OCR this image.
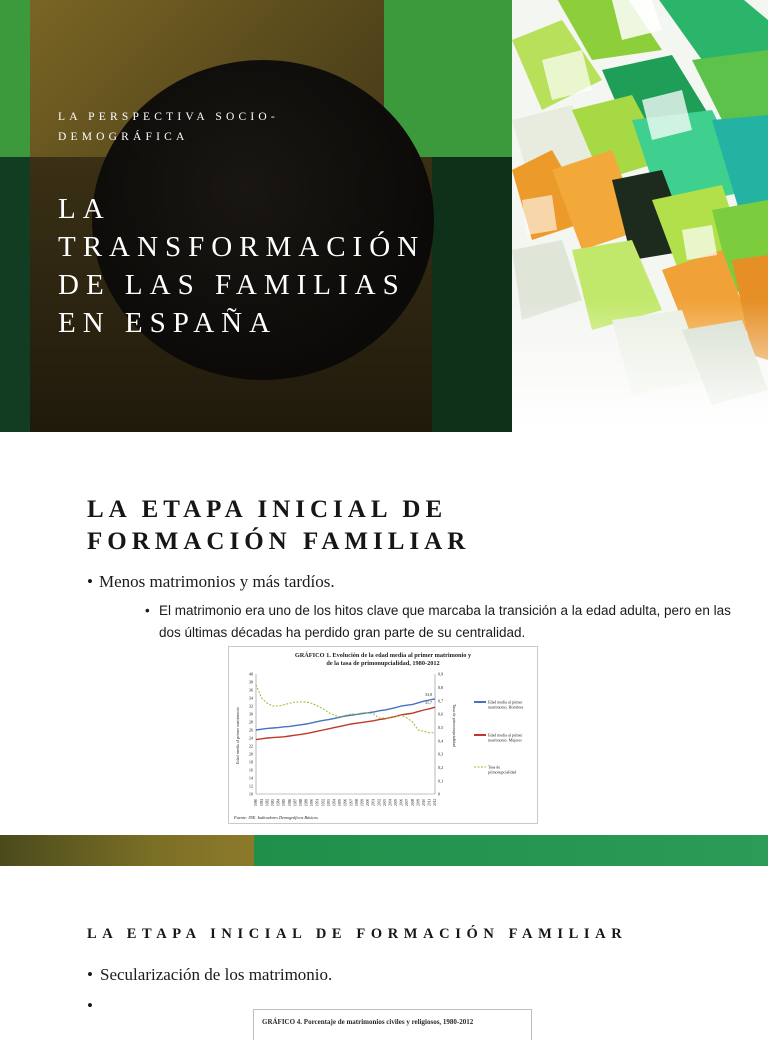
LA PERSPECTIVA SOCIO-DEMOGRÁFICA
LA
TRANSFORMACIÓN
DE LAS FAMILIAS
EN ESPAÑA
LA ETAPA INICIAL DE
FORMACIÓN FAMILIAR
• Menos matrimonios y más tardíos.
• El matrimonio era uno de los hitos clave que marcaba la transición a la edad adulta, pero en las dos últimas décadas ha perdido gran parte de su centralidad.
GRÁFICO 1. Evolución de la edad media al primer matrimonio y
de la tasa de primonupcialidad, 1980-2012
10
12
14
16
18
20
22
24
26
28
30
32
34
36
38
40
0
0,1
0,2
0,3
0,4
0,5
0,6
0,7
0,8
0,9
1980 1981 1982 1983 1984 1985 1986 1987 1988 1989 1990 1991 1992 1993 1994 1995 1996 1997 1998 1999 2000 2001 2002 2003 2004 2005 2006 2007 2008 2009 2010 2011 2012
Edad media al primer matrimonio	Tasa de primonupcialidad
33,8
31,7	Edad media al primer
matrimonio. Hombres
Edad media al primer
matrimonio. Mujeres
Tasa de
primonupcialidad
Fuente: INE. Indicadores Demográficos Básicos.
LA ETAPA INICIAL DE FORMACIÓN FAMILIAR
• Secularización de los matrimonio.
•
GRÁFICO 4. Porcentaje de matrimonios civiles y religiosos, 1980-2012
